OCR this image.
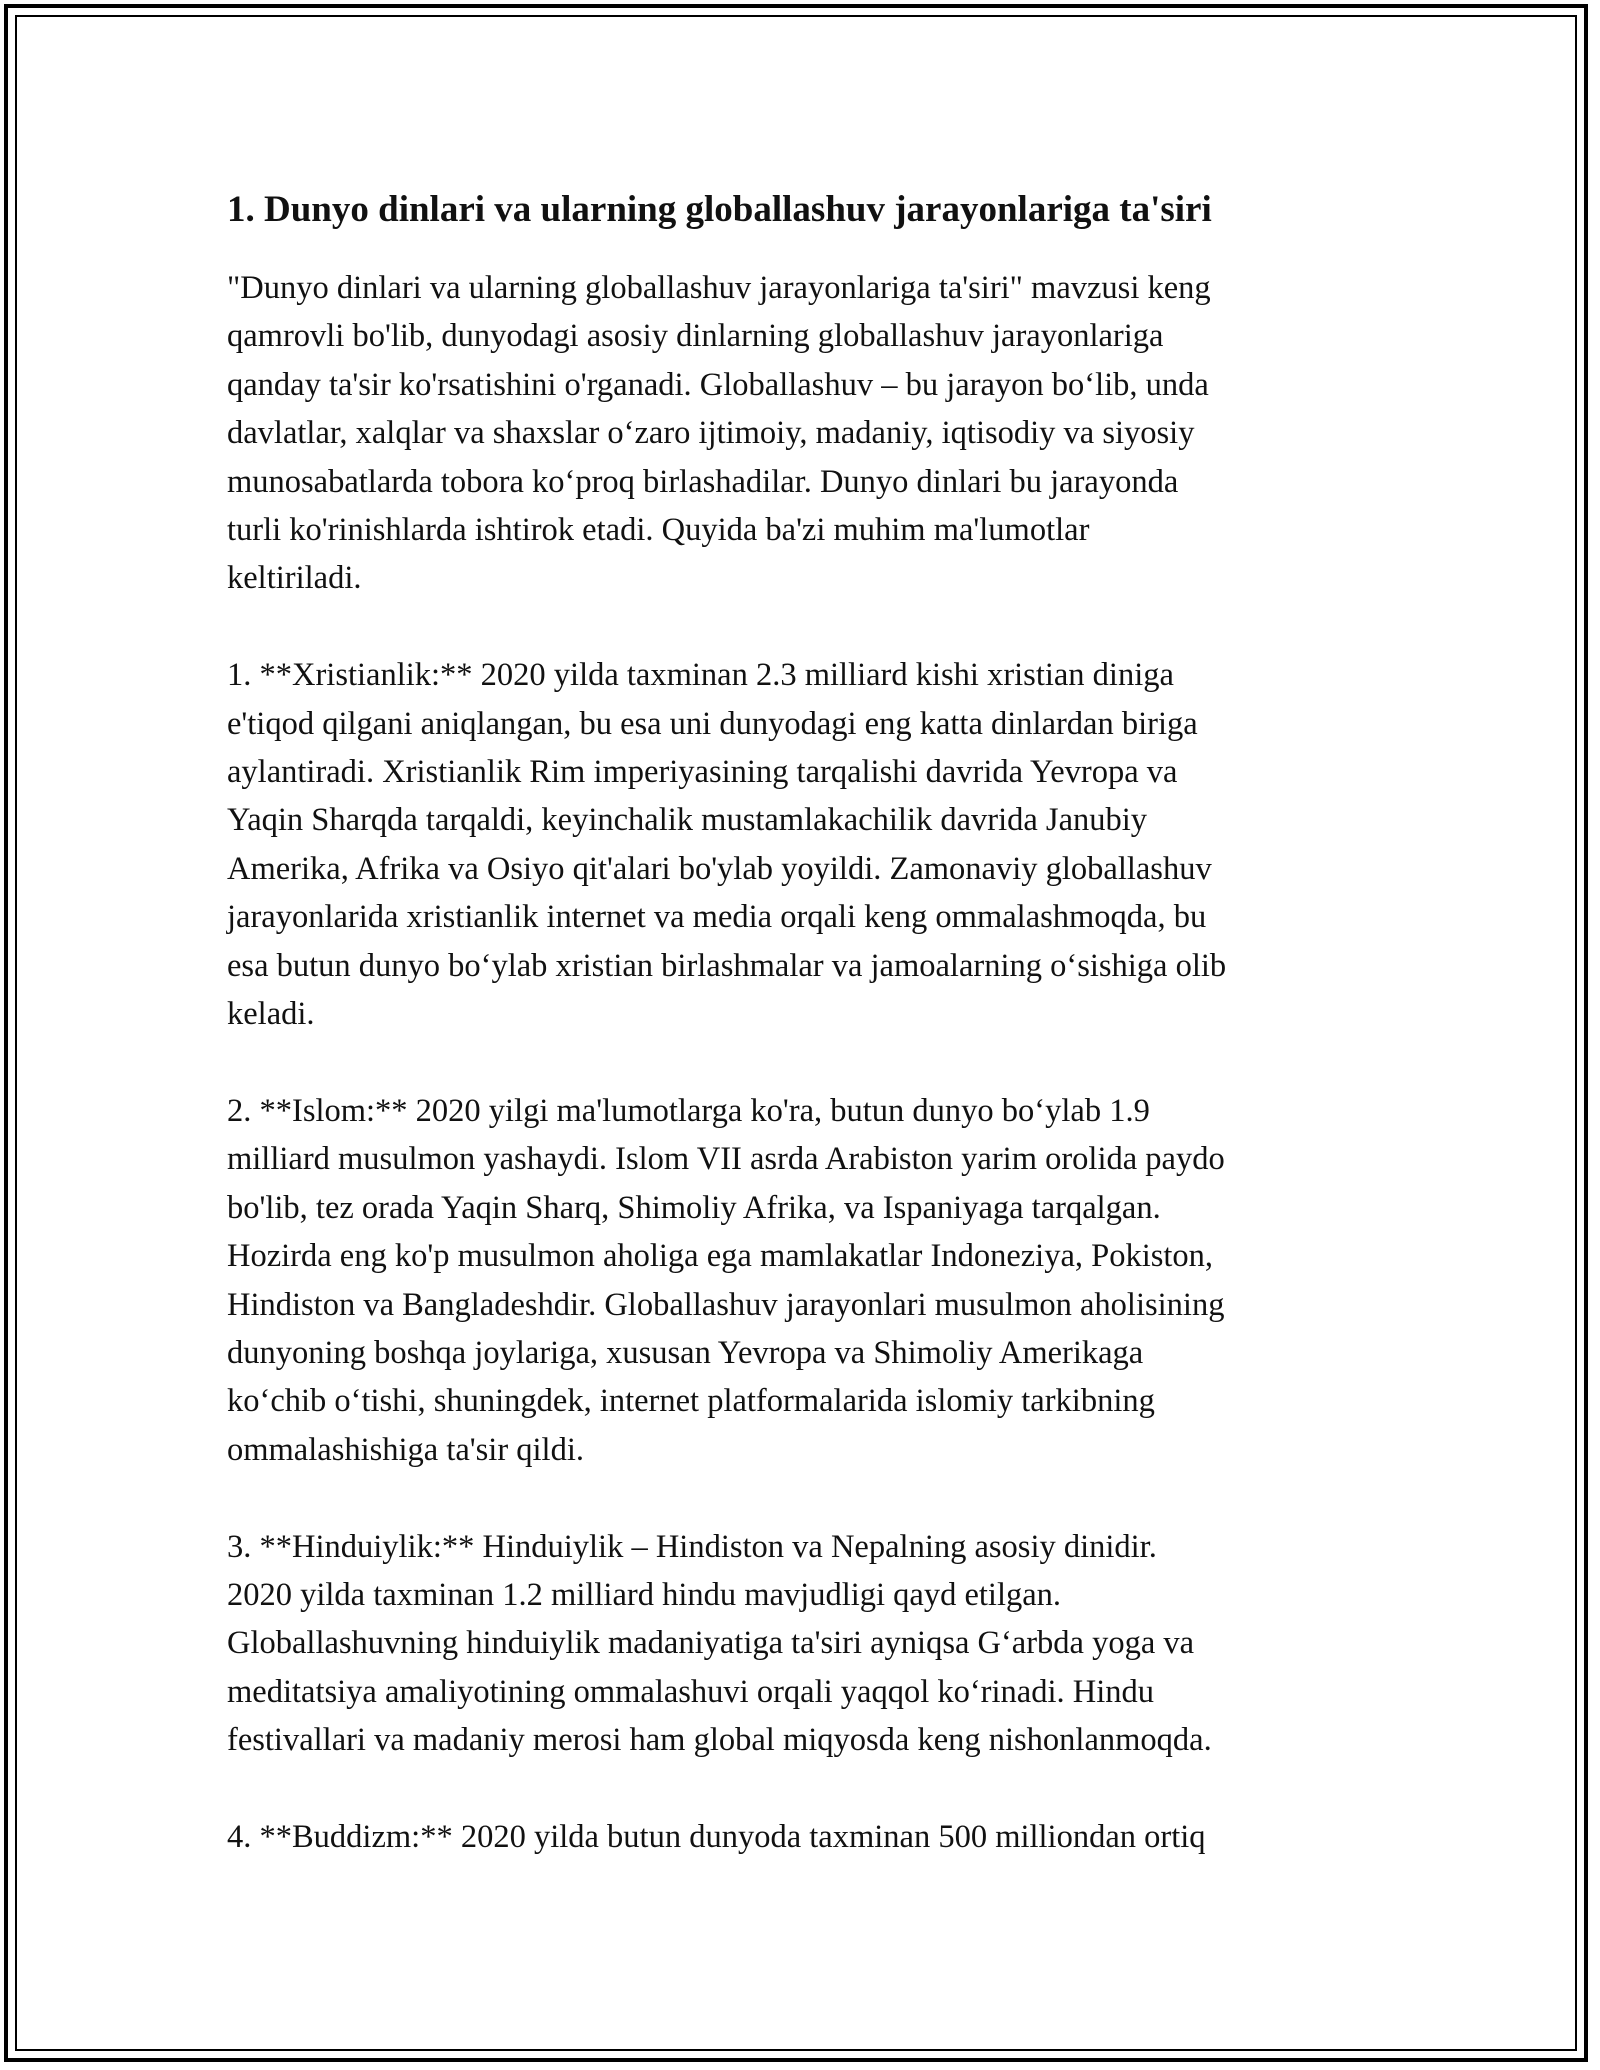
1. Dunyo dinlari va ularning globallashuv jarayonlariga ta'siri

"Dunyo dinlari va ularning globallashuv jarayonlariga ta'siri" mavzusi keng
qamrovli bo'lib, dunyodagi asosiy dinlarning globallashuv jarayonlariga
qanday ta'sir ko'rsatishini o'rganadi. Globallashuv – bu jarayon bo‘lib, unda
davlatlar, xalqlar va shaxslar o‘zaro ijtimoiy, madaniy, iqtisodiy va siyosiy
munosabatlarda tobora ko‘proq birlashadilar. Dunyo dinlari bu jarayonda
turli ko'rinishlarda ishtirok etadi. Quyida ba'zi muhim ma'lumotlar
keltiriladi.

1. **Xristianlik:** 2020 yilda taxminan 2.3 milliard kishi xristian diniga
e'tiqod qilgani aniqlangan, bu esa uni dunyodagi eng katta dinlardan biriga
aylantiradi. Xristianlik Rim imperiyasining tarqalishi davrida Yevropa va
Yaqin Sharqda tarqaldi, keyinchalik mustamlakachilik davrida Janubiy
Amerika, Afrika va Osiyo qit'alari bo'ylab yoyildi. Zamonaviy globallashuv
jarayonlarida xristianlik internet va media orqali keng ommalashmoqda, bu
esa butun dunyo bo‘ylab xristian birlashmalar va jamoalarning o‘sishiga olib
keladi.

2. **Islom:** 2020 yilgi ma'lumotlarga ko'ra, butun dunyo bo‘ylab 1.9
milliard musulmon yashaydi. Islom VII asrda Arabiston yarim orolida paydo
bo'lib, tez orada Yaqin Sharq, Shimoliy Afrika, va Ispaniyaga tarqalgan.
Hozirda eng ko'p musulmon aholiga ega mamlakatlar Indoneziya, Pokiston,
Hindiston va Bangladeshdir. Globallashuv jarayonlari musulmon aholisining
dunyoning boshqa joylariga, xususan Yevropa va Shimoliy Amerikaga
ko‘chib o‘tishi, shuningdek, internet platformalarida islomiy tarkibning
ommalashishiga ta'sir qildi.

3. **Hinduiylik:** Hinduiylik – Hindiston va Nepalning asosiy dinidir.
2020 yilda taxminan 1.2 milliard hindu mavjudligi qayd etilgan.
Globallashuvning hinduiylik madaniyatiga ta'siri ayniqsa G‘arbda yoga va
meditatsiya amaliyotining ommalashuvi orqali yaqqol ko‘rinadi. Hindu
festivallari va madaniy merosi ham global miqyosda keng nishonlanmoqda.

4. **Buddizm:** 2020 yilda butun dunyoda taxminan 500 milliondan ortiq
